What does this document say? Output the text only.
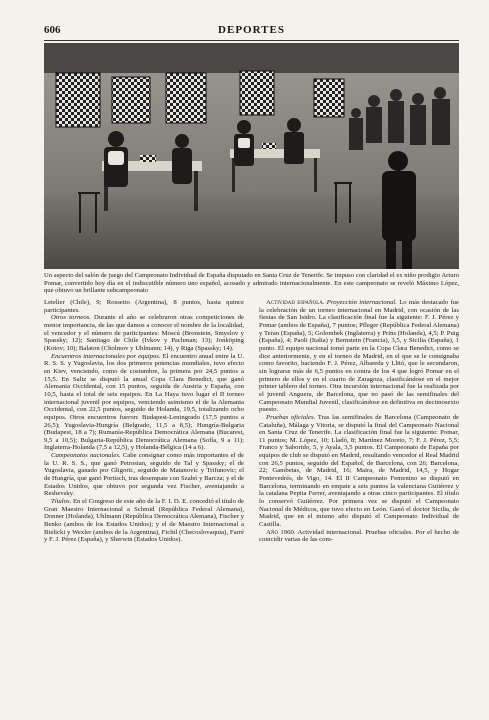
606	DEPORTES
Un aspecto del salón de juego del Campeonato Individual de España disputado en Santa Cruz de Tenerife. Se impuso con claridad el ex niño prodigio Arturo Pomar, convertido hoy día en el indiscutible número uno español, acosado y admirado internacionalmente. En este campeonato se reveló Máximo López, que obtuvo un brillante subcampeonato

Letelier (Chile), 9; Rossetto (Argentina), 8 puntos, hasta quince participantes.

Otros torneos. Durante el año se celebraron otras competiciones de menor importancia, de las que damos a conocer el nombre de la localidad, el vencedor y el número de participantes: Moscú (Bronstein, Smyslov y Spassky; 12); Santiago de Chile (Ivkov y Pachman; 13); Jonköping (Kotov; 10); Balaton (Cholmov y Uhlmann; 14), y Riga (Spassky; 14).

Encuentros internacionales por equipos. El encuentro anual entre la U. R. S. S. y Yugoslavia, los dos primeros potencias mundiales, tuvo efecto en Kiev, venciendo, como de costumbre, la primera por 24,5 puntos a 15,5. En Saltz se disputó la anual Copa Clara Benedict, que ganó Alemania Occidental, con 15 puntos, seguida de Austria y España, con 10,5, hasta el total de seis equipos. En La Haya tuvo lugar el II torneo internacional juvenil por equipos, venciendo asimismo el de la Alemania Occidental, con 22,5 puntos, seguido de Holanda, 19,5, totalizando ocho equipos. Otros encuentros fueron: Budapest-Leningrado (17,5 puntos a 26,5); Yugoslavia-Hungría (Belgrado, 11,5 a 8,5); Hungría-Bulgaria (Budapest, 18 a 7); Rumanía-República Democrática Alemana (Bucarest, 9,5 a 10,5); Bulgaria-República Democrática Alemana (Sofía, 9 a 11); Inglaterra-Holanda (7,5 a 12,5), y Holanda-Bélgica (14 a 6).

Campeonatos nacionales. Cabe consignar como más importantes el de la U. R. S. S., que ganó Petrosian, seguido de Tal y Spassky; el de Yugoslavia, ganado por Gligoric, seguido de Matanovic y Trifunovic; el de Hungría, que ganó Portisch, tras desempate con Szabó y Barcza; y el de Estados Unidos, que obtuvo por segunda vez Fischer, aventajando a Reshevsky.

Títulos. En el Congreso de este año de la F. I. D. E. concedió el título de Gran Maestro Internacional a Schmid (República Federal Alemana), Donner (Holanda), Uhlmann (República Democrática Alemana), Fischer y Benko (ambos de los Estados Unidos); y el de Maestro Internacional a Bielicki y Wexler (ambos de la Argentina), Fichtl (Checoslovaquia), Farré y F. J. Pérez (España), y Sherwin (Estados Unidos).

Actividad española. Proyección internacional. Lo más destacado fue la celebración de un torneo internacional en Madrid, con ocasión de las fiestas de San Isidro. La clasificación final fue la siguiente: F. J. Pérez y Pomar (ambos de España), 7 puntos; Pfleger (República Federal Alemana) y Teran (España), 5; Golombek (Inglaterra) y Prins (Holanda), 4,5; P. Puig (España), 4; Paoli (Italia) y Bernstein (Francia), 3,5, y Sicilia (España), 1 punto. El equipo nacional tomó parte en la Copa Clara Benedict, como se dice anteriormente, y en el torneo de Madrid, en el que se le consignaba como favorito, haciendo F. J. Pérez, Albareda y Llitó, que le secundaron, sin lograrse más de 6,5 puntos en contra de los 4 que logró Pomar en el primero de ellos y en el cuarto de Zaragoza, clasificándose en el mejor primer tablero del torneo. Otra incursión internacional fue la realizada por el juvenil Anguera, de Barcelona, que no pasó de las semifinales del Campeonato Mundial Juvenil, clasificándose en definitiva en decimosexto puesto.

Pruebas oficiales. Tras las semifinales de Barcelona (Campeonato de Cataluña), Málaga y Vitoria, se disputó la final del Campeonato Nacional en Santa Cruz de Tenerife. La clasificación final fue la siguiente: Pomar, 11 puntos; M. López, 10; Lladó, 8; Martínez Moreto, 7; F. J. Pérez, 5,5; Franco y Saborido, 5, y Ayala, 3,5 puntos. El Campeonato de España por equipos de club se disputó en Madrid, resultando vencedor el Real Madrid con 26,5 puntos, seguido del Español, de Barcelona, con 26; Barcelona, 22; Gambetas, de Madrid, 16; Maira, de Madrid, 14,5, y Hogar Pontevedrés, de Vigo, 14. El II Campeonato Femenino se disputó en Barcelona, terminando en empate a seis puntos la valenciana Gutiérrez y la catalana Pepita Ferrer, aventajando a otras cinco participantes. El título lo conservó Gutiérrez. Por primera vez se disputó el Campeonato Nacional de Médicos, que tuvo efecto en León. Ganó el doctor Sicilia, de Madrid, que en el mismo año disputó el Campeonato Individual de Castilla.

Año 1960. Actividad internacional. Pruebas oficiales. Por el hecho de coincidir varias de las com-
